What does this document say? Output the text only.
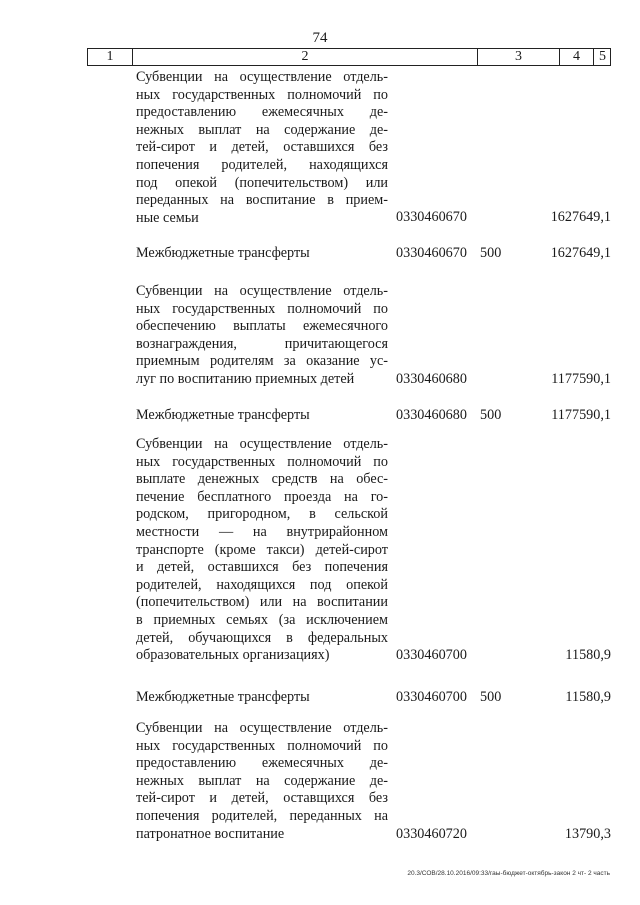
74
1	2	3	4	5
Субвенции на осуществление отдель-
ных государственных полномочий по
предоставлению ежемесячных де-
нежных выплат на содержание де-
тей-сирот и детей, оставшихся без
попечения родителей, находящихся
под опекой (попечительством) или
переданных на воспитание в прием-
ные семьи	0330460670	1627649,1
Межбюджетные трансферты	0330460670 500	1627649,1
Субвенции на осуществление отдель-
ных государственных полномочий по
обеспечению выплаты ежемесячного
вознаграждения, причитающегося
приемным родителям за оказание ус-
луг по воспитанию приемных детей	0330460680	1177590,1
Межбюджетные трансферты	0330460680 500	1177590,1
Субвенции на осуществление отдель-
ных государственных полномочий по
выплате денежных средств на обес-
печение бесплатного проезда на го-
родском, пригородном, в сельской
местности — на внутрирайонном
транспорте (кроме такси) детей-сирот
и детей, оставшихся без попечения
родителей, находящихся под опекой
(попечительством) или на воспитании
в приемных семьях (за исключением
детей, обучающихся в федеральных
образовательных организациях)	0330460700	11580,9
Межбюджетные трансферты	0330460700 500	11580,9
Субвенции на осуществление отдель-
ных государственных полномочий по
предоставлению ежемесячных де-
нежных выплат на содержание де-
тей-сирот и детей, оставщихся без
попечения родителей, переданных на
патронатное воспитание	0330460720	13790,3
20.3/СОВ/28.10.2016/09:33/гаы-бюджет-октябрь-закон 2 чт- 2 часть
